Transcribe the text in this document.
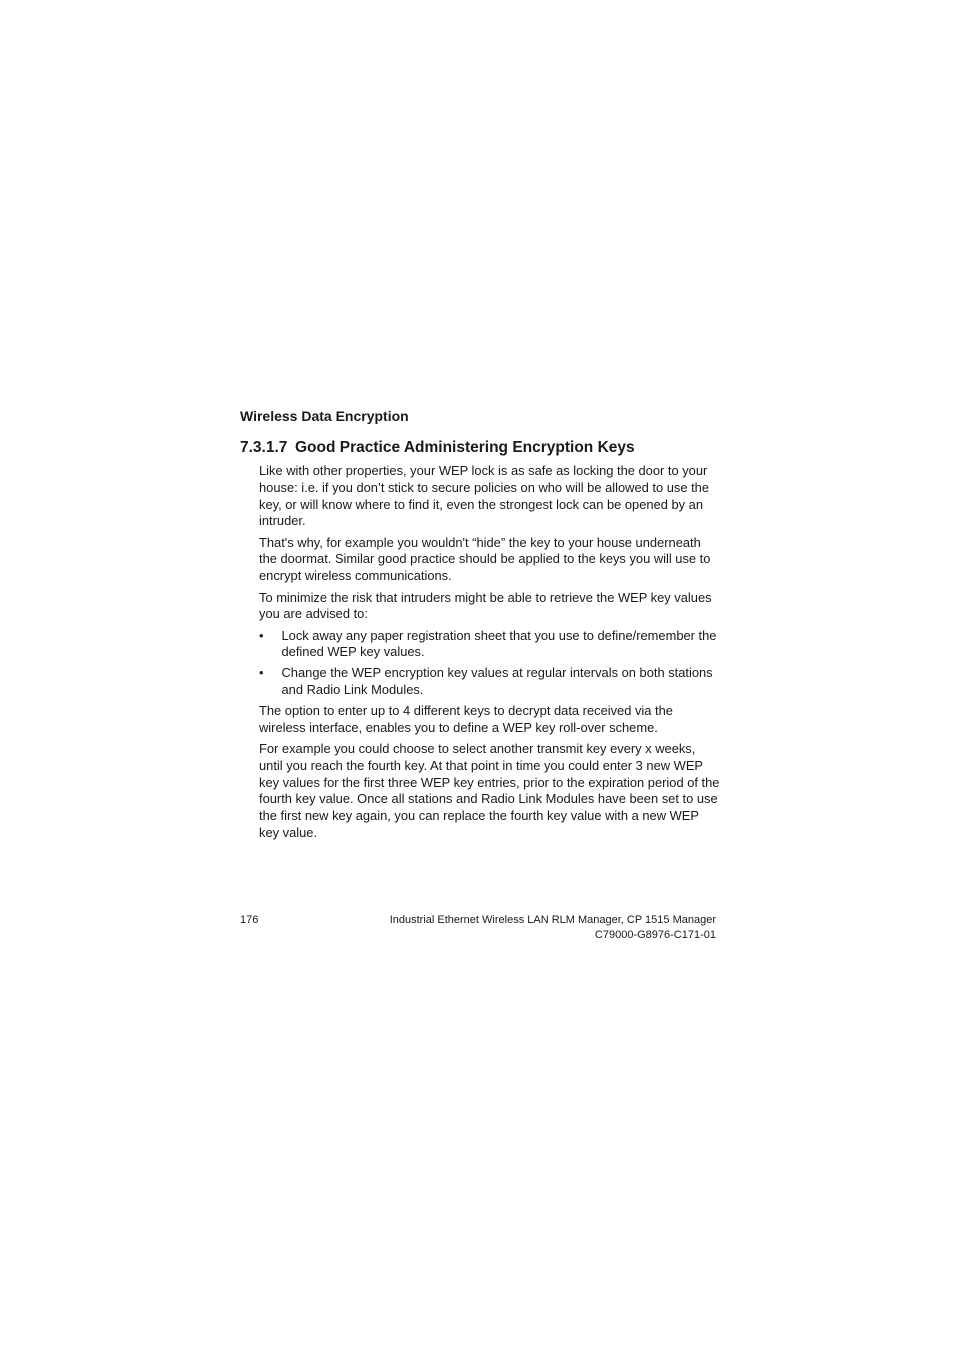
Wireless Data Encryption
7.3.1.7 Good Practice Administering Encryption Keys

Like with other properties, your WEP lock is as safe as locking the door to your house: i.e. if you don’t stick to secure policies on who will be allowed to use the key, or will know where to find it, even the strongest lock can be opened by an intruder.

That's why, for example you wouldn't “hide” the key to your house underneath the doormat. Similar good practice should be applied to the keys you will use to encrypt wireless communications.

To minimize the risk that intruders might be able to retrieve the WEP key values you are advised to:

• Lock away any paper registration sheet that you use to define/remember the defined WEP key values.
• Change the WEP encryption key values at regular intervals on both stations and Radio Link Modules.

The option to enter up to 4 different keys to decrypt data received via the wireless interface, enables you to define a WEP key roll-over scheme.

For example you could choose to select another transmit key every x weeks, until you reach the fourth key. At that point in time you could enter 3 new WEP key values for the first three WEP key entries, prior to the expiration period of the fourth key value. Once all stations and Radio Link Modules have been set to use the first new key again, you can replace the fourth key value with a new WEP key value.

176	Industrial Ethernet Wireless LAN RLM Manager, CP 1515 Manager
C79000-G8976-C171-01
